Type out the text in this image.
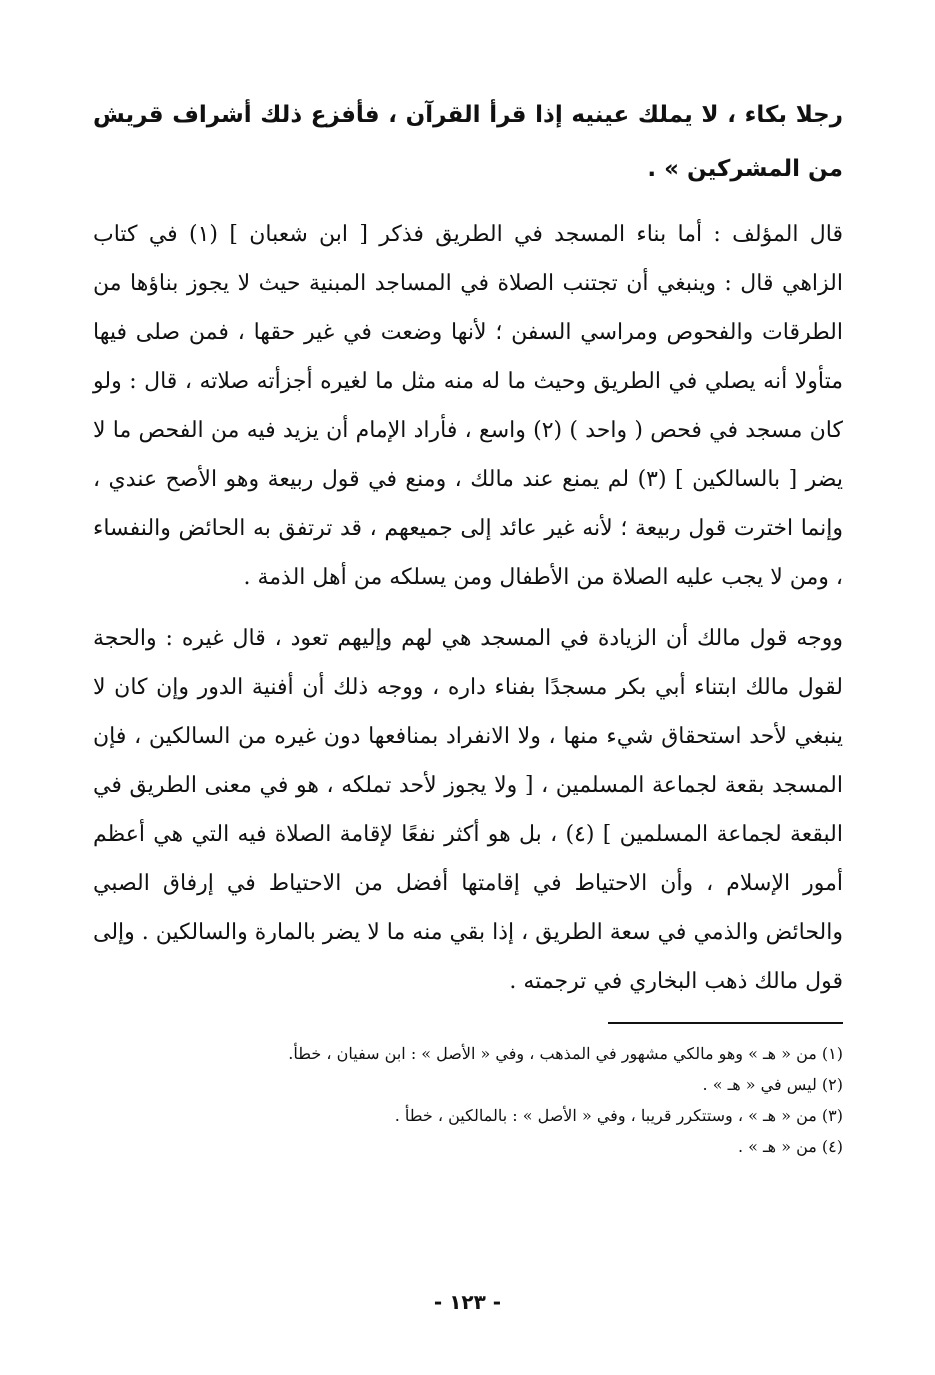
رجلا بكاء ، لا يملك عينيه إذا قرأ القرآن ، فأفزع ذلك أشراف قريش من المشركين » .

قال المؤلف : أما بناء المسجد في الطريق فذكر [ ابن شعبان ] (١) في كتاب الزاهي قال : وينبغي أن تجتنب الصلاة في المساجد المبنية حيث لا يجوز بناؤها من الطرقات والفحوص ومراسي السفن ؛ لأنها وضعت في غير حقها ، فمن صلى فيها متأولا أنه يصلي في الطريق وحيث ما له منه مثل ما لغيره أجزأته صلاته ، قال : ولو كان مسجد في فحص ( واحد ) (٢) واسع ، فأراد الإمام أن يزيد فيه من الفحص ما لا يضر [ بالسالكين ] (٣) لم يمنع عند مالك ، ومنع في قول ربيعة وهو الأصح عندي ، وإنما اخترت قول ربيعة ؛ لأنه غير عائد إلى جميعهم ، قد ترتفق به الحائض والنفساء ، ومن لا يجب عليه الصلاة من الأطفال ومن يسلكه من أهل الذمة .

ووجه قول مالك أن الزيادة في المسجد هي لهم وإليهم تعود ، قال غيره : والحجة لقول مالك ابتناء أبي بكر مسجدًا بفناء داره ، ووجه ذلك أن أفنية الدور وإن كان لا ينبغي لأحد استحقاق شيء منها ، ولا الانفراد بمنافعها دون غيره من السالكين ، فإن المسجد بقعة لجماعة المسلمين ، [ ولا يجوز لأحد تملكه ، هو في معنى الطريق في البقعة لجماعة المسلمين ] (٤) ، بل هو أكثر نفعًا لإقامة الصلاة فيه التي هي أعظم أمور الإسلام ، وأن الاحتياط في إقامتها أفضل من الاحتياط في إرفاق الصبي والحائض والذمي في سعة الطريق ، إذا بقي منه ما لا يضر بالمارة والسالكين . وإلى قول مالك ذهب البخاري في ترجمته .

(١) من « هـ » وهو مالكي مشهور في المذهب ، وفي « الأصل » : ابن سفيان ، خطأ.

(٢) ليس في « هـ » .

(٣) من « هـ » ، وستتكرر قريبا ، وفي « الأصل » : بالمالكين ، خطأ .

(٤) من « هـ » .

- ١٢٣ -
